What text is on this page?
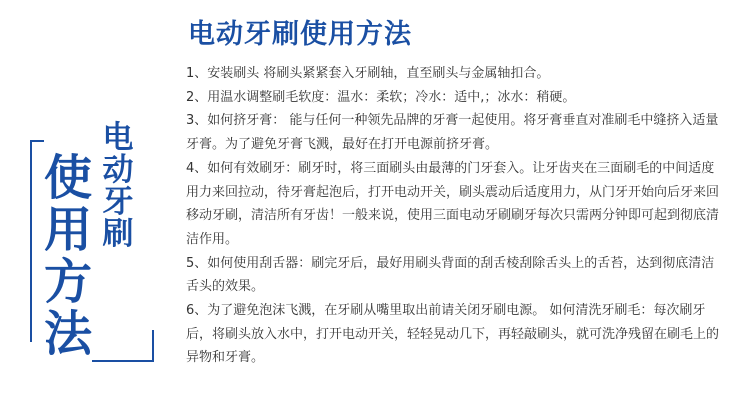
电动牙刷使用方法
电动牙刷
使用方法

1、安装刷头 将刷头紧紧套入牙刷轴，直至刷头与金属轴扣合。

2、用温水调整刷毛软度：温水：柔软；冷水：适中,；冰水：稍硬。

3、如何挤牙膏： 能与任何一种领先品牌的牙膏一起使用。将牙膏垂直对准刷毛中缝挤入适量牙膏。为了避免牙膏飞溅，最好在打开电源前挤牙膏。

4、如何有效刷牙：刷牙时，将三面刷头由最薄的门牙套入。让牙齿夹在三面刷毛的中间适度用力来回拉动，待牙膏起泡后，打开电动开关，刷头震动后适度用力，从门牙开始向后牙来回移动牙刷，清洁所有牙齿！一般来说，使用三面电动牙刷刷牙每次只需两分钟即可起到彻底清洁作用。

5、如何使用刮舌器：刷完牙后，最好用刷头背面的刮舌棱刮除舌头上的舌苔，达到彻底清洁舌头的效果。

6、为了避免泡沫飞溅，在牙刷从嘴里取出前请关闭牙刷电源。 如何清洗牙刷毛：每次刷牙后，将刷头放入水中，打开电动开关，轻轻晃动几下，再轻敲刷头，就可洗净残留在刷毛上的异物和牙膏。
